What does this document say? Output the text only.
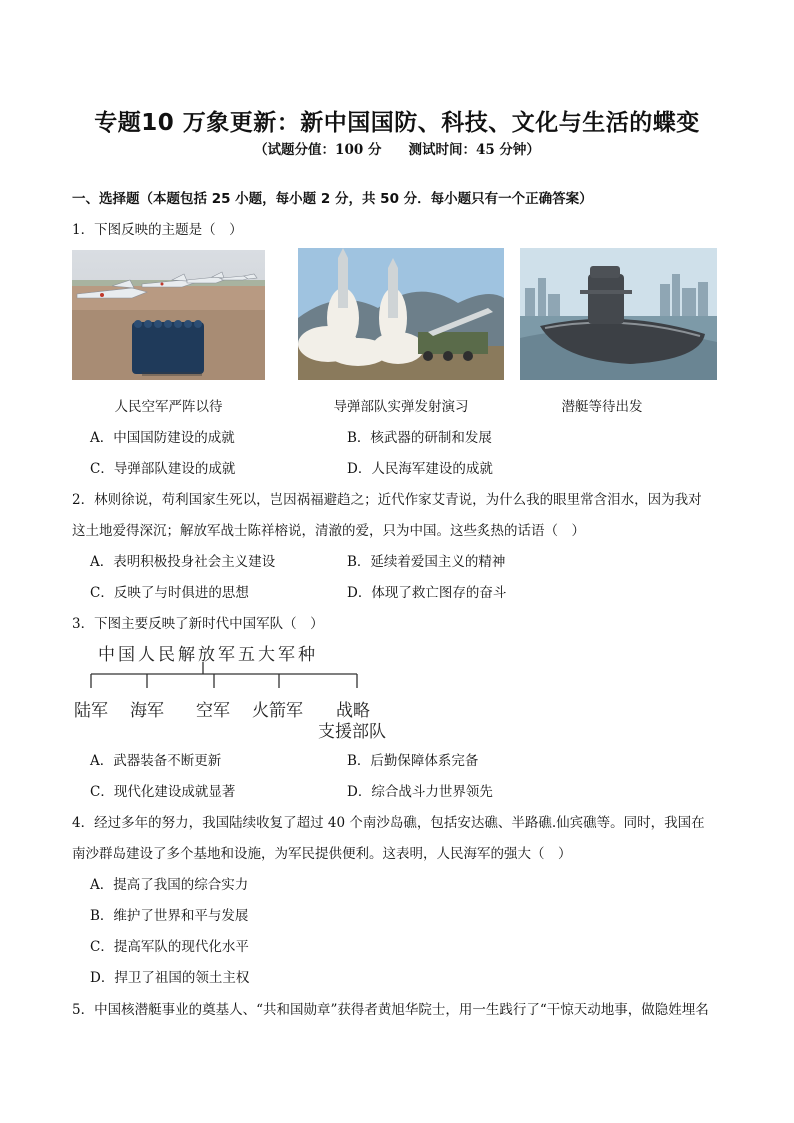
专题10 万象更新：新中国国防、科技、文化与生活的蝶变
（试题分值：100 分　　测试时间：45 分钟）
一、选择题（本题包括 25 小题，每小题 2 分，共 50 分．每小题只有一个正确答案）
1．下图反映的主题是（　）
人民空军严阵以待	导弹部队实弹发射演习	潜艇等待出发
A．中国国防建设的成就	B．核武器的研制和发展
C．导弹部队建设的成就	D．人民海军建设的成就
2．林则徐说，苟利国家生死以，岂因祸福避趋之；近代作家艾青说，为什么我的眼里常含泪水，因为我对
这土地爱得深沉；解放军战士陈祥榕说，清澈的爱，只为中国。这些炙热的话语（　）
A．表明积极投身社会主义建设	B．延续着爱国主义的精神
C．反映了与时俱进的思想	D．体现了救亡图存的奋斗
3．下图主要反映了新时代中国军队（　）
中国人民解放军五大军种
陆军 海军 空军 火箭军 战略
支援部队
A．武器装备不断更新	B．后勤保障体系完备
C．现代化建设成就显著	D．综合战斗力世界领先
4．经过多年的努力，我国陆续收复了超过 40 个南沙岛礁，包括安达礁、半路礁.仙宾礁等。同时，我国在
南沙群岛建设了多个基地和设施，为军民提供便利。这表明，人民海军的强大（　）
A．提高了我国的综合实力
B．维护了世界和平与发展
C．提高军队的现代化水平
D．捍卫了祖国的领土主权
5．中国核潜艇事业的奠基人、“共和国勋章”获得者黄旭华院士，用一生践行了“干惊天动地事，做隐姓埋名
